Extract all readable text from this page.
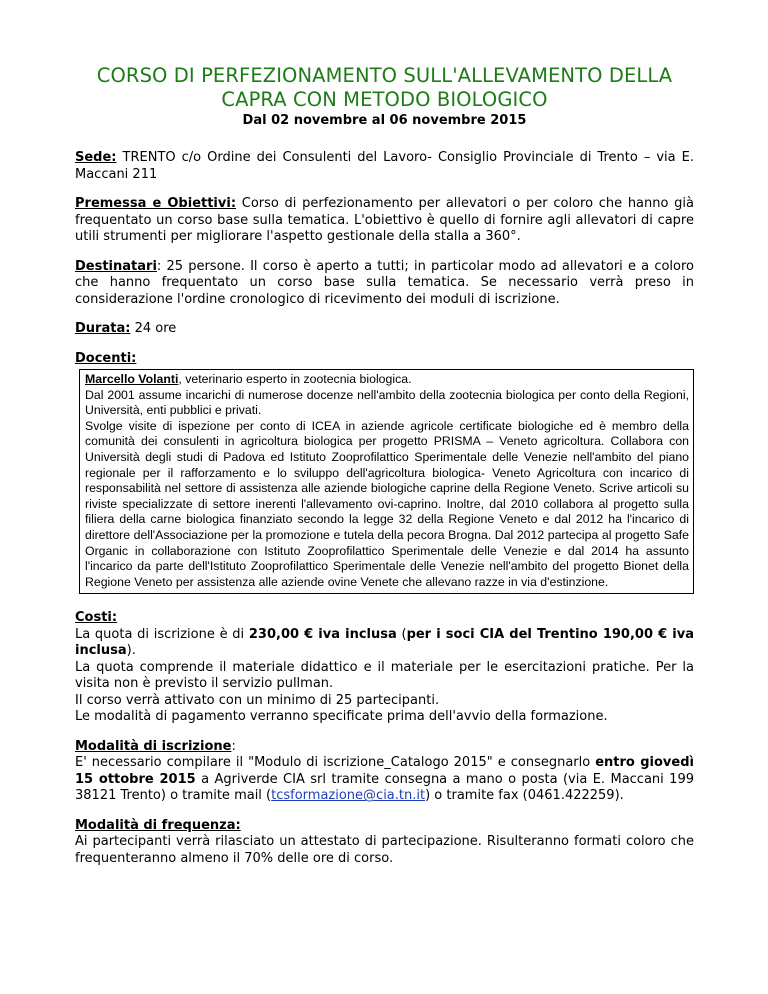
CORSO DI PERFEZIONAMENTO SULL'ALLEVAMENTO DELLA
CAPRA CON METODO BIOLOGICO

Dal 02 novembre al 06 novembre 2015

Sede: TRENTO c/o Ordine dei Consulenti del Lavoro- Consiglio Provinciale di Trento – via E. Maccani 211

Premessa e Obiettivi: Corso di perfezionamento per allevatori o per coloro che hanno già frequentato un corso base sulla tematica. L'obiettivo è quello di fornire agli allevatori di capre utili strumenti per migliorare l'aspetto gestionale della stalla a 360°.

Destinatari: 25 persone. Il corso è aperto a tutti; in particolar modo ad allevatori e a coloro che hanno frequentato un corso base sulla tematica. Se necessario verrà preso in considerazione l'ordine cronologico di ricevimento dei moduli di iscrizione.

Durata: 24 ore

Docenti:

Marcello Volanti, veterinario esperto in zootecnia biologica.

Dal 2001 assume incarichi di numerose docenze nell'ambito della zootecnia biologica per conto della Regioni, Università, enti pubblici e privati.

Svolge visite di ispezione per conto di ICEA in aziende agricole certificate biologiche ed è membro della comunità dei consulenti in agricoltura biologica per progetto PRISMA – Veneto agricoltura. Collabora con Università degli studi di Padova ed Istituto Zooprofilattico Sperimentale delle Venezie nell'ambito del piano regionale per il rafforzamento e lo sviluppo dell'agricoltura biologica- Veneto Agricoltura con incarico di responsabilità nel settore di assistenza alle aziende biologiche caprine della Regione Veneto. Scrive articoli su riviste specializzate di settore inerenti l'allevamento ovi-caprino. Inoltre, dal 2010 collabora al progetto sulla filiera della carne biologica finanziato secondo la legge 32 della Regione Veneto e dal 2012 ha l'incarico di direttore dell'Associazione per la promozione e tutela della pecora Brogna. Dal 2012 partecipa al progetto Safe Organic in collaborazione con Istituto Zooprofilattico Sperimentale delle Venezie e dal 2014 ha assunto l'incarico da parte dell'Istituto Zooprofilattico Sperimentale delle Venezie nell'ambito del progetto Bionet della Regione Veneto per assistenza alle aziende ovine Venete che allevano razze in via d'estinzione.

Costi:

La quota di iscrizione è di 230,00 € iva inclusa (per i soci CIA del Trentino 190,00 € iva inclusa).

La quota comprende il materiale didattico e il materiale per le esercitazioni pratiche. Per la visita non è previsto il servizio pullman.

Il corso verrà attivato con un minimo di 25 partecipanti.

Le modalità di pagamento verranno specificate prima dell'avvio della formazione.

Modalità di iscrizione:

E' necessario compilare il "Modulo di iscrizione_Catalogo 2015" e consegnarlo entro giovedì 15 ottobre 2015 a Agriverde CIA srl tramite consegna a mano o posta (via E. Maccani 199 38121 Trento) o tramite mail (tcsformazione@cia.tn.it) o tramite fax (0461.422259).

Modalità di frequenza:

Ai partecipanti verrà rilasciato un attestato di partecipazione. Risulteranno formati coloro che frequenteranno almeno il 70% delle ore di corso.
